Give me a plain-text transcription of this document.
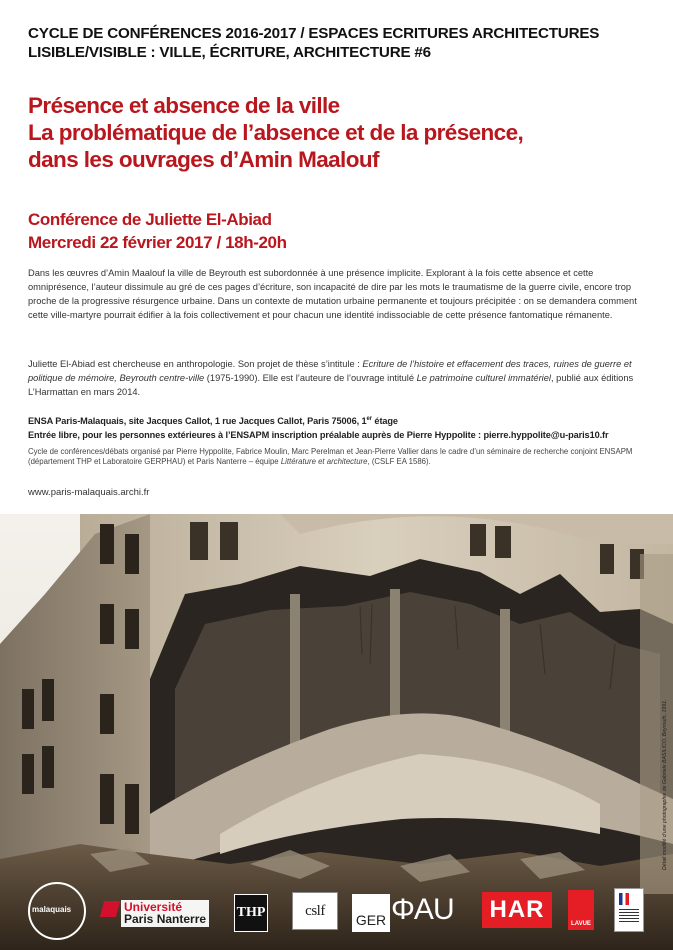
CYCLE DE CONFÉRENCES 2016-2017 / ESPACES ECRITURES ARCHITECTURES
LISIBLE/VISIBLE : VILLE, ÉCRITURE, ARCHITECTURE #6
Présence et absence de la ville
La problématique de l’absence et de la présence,
dans les ouvrages d’Amin Maalouf
Conférence de Juliette El-Abiad
Mercredi 22 février 2017 / 18h-20h

Dans les œuvres d’Amin Maalouf la ville de Beyrouth est subordonnée à une présence implicite. Explorant à la fois cette absence et cette omniprésence, l’auteur dissimule au gré de ces pages d’écriture, son incapacité de dire par les mots le traumatisme de la guerre civile, encore trop proche de la progressive résurgence urbaine. Dans un contexte de mutation urbaine permanente et toujours précipitée : on se demandera comment cette ville-martyre pourrait édifier à la fois collectivement et pour chacun une identité indissociable de cette présence fantomatique rémanente.

Juliette El-Abiad est chercheuse en anthropologie. Son projet de thèse s’intitule : Ecriture de l’histoire et effacement des traces, ruines de guerre et politique de mémoire, Beyrouth centre-ville (1975-1990). Elle est l’auteure de l’ouvrage intitulé Le patrimoine culturel immatériel, publié aux éditions L’Harmattan en mars 2014.

ENSA Paris-Malaquais, site Jacques Callot, 1 rue Jacques Callot, Paris 75006, 1er étage
Entrée libre, pour les personnes extérieures à l’ENSAPM inscription préalable auprès de Pierre Hyppolite : pierre.hyppolite@u-paris10.fr

Cycle de conférences/débats organisé par Pierre Hyppolite, Fabrice Moulin, Marc Perelman et Jean-Pierre Vallier dans le cadre d’un séminaire de recherche conjoint ENSAPM (département THP et Laboratoire GERPHAU) et Paris Nanterre – équipe Littérature et architecture, (CSLF EA 1586).

www.paris-malaquais.archi.fr
Détail modifié d’une photographie de Gabriele BASILICO, Beyrouth, 1991.
malaquais	Université
Paris Nanterre THP	cslf
GER ΦAU	HAR
LAVUE
